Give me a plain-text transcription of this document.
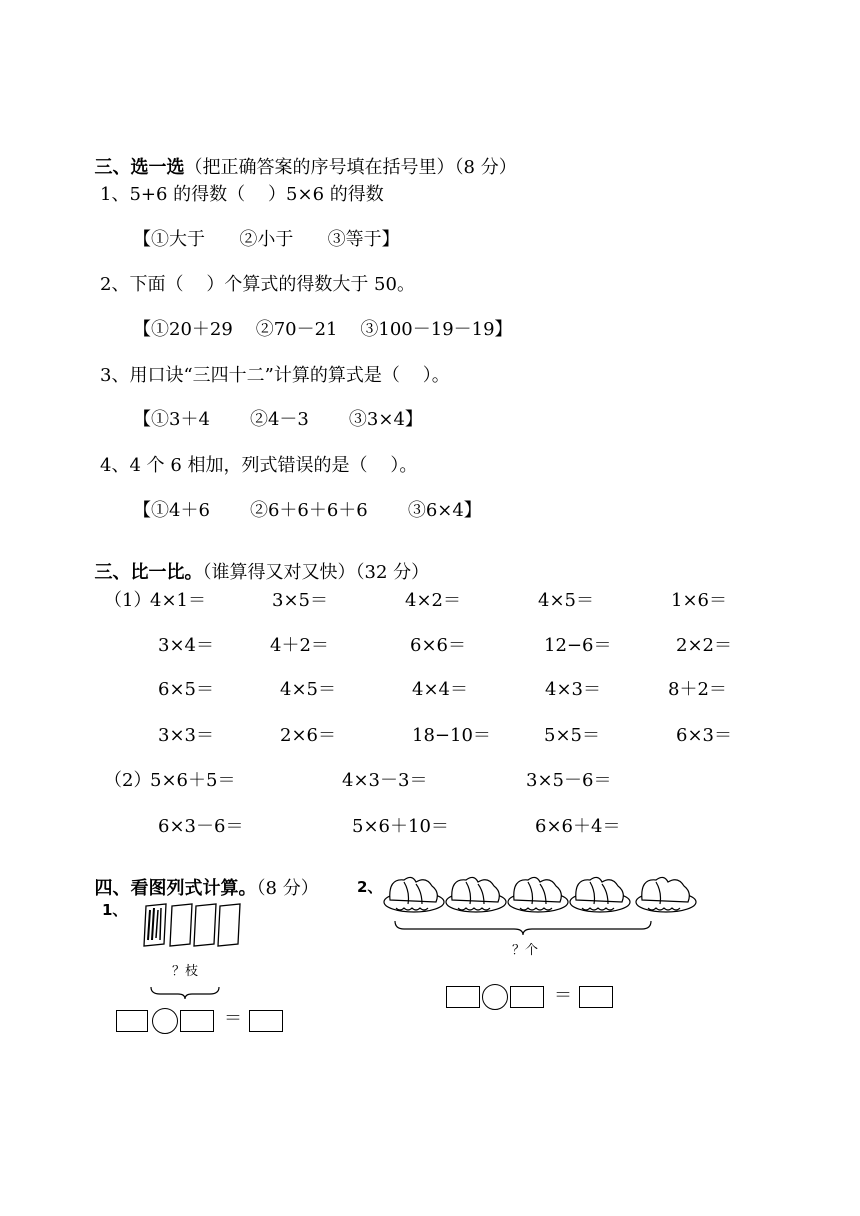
三、选一选（把正确答案的序号填在括号里）（8 分）

1、5+6 的得数（    ）5×6 的得数
【①大于      ②小于      ③等于】
2、下面（    ）个算式的得数大于 50。
【①20＋29    ②70－21    ③100－19－19】
3、用口诀“三四十二”计算的算式是（    ）。
【①3＋4       ②4－3       ③3×4】
4、4 个 6 相加，列式错误的是（    ）。
【①4＋6       ②6＋6＋6＋6       ③6×4】

三、比一比。（谁算得又对又快）（32 分）

（1）
4×1＝	3×5＝	4×2＝	4×5＝	1×6＝
3×4＝	4＋2＝	6×6＝	12−6＝	2×2＝
6×5＝	4×5＝	4×4＝	4×3＝	8＋2＝
3×3＝	2×6＝	18−10＝	5×5＝	6×3＝
（2）
5×6＋5＝	4×3－3＝	3×5－6＝
6×3－6＝	5×6＋10＝	6×6＋4＝

四、看图列式计算。（8 分）

1、
？枝
＝
2、
？个
＝
